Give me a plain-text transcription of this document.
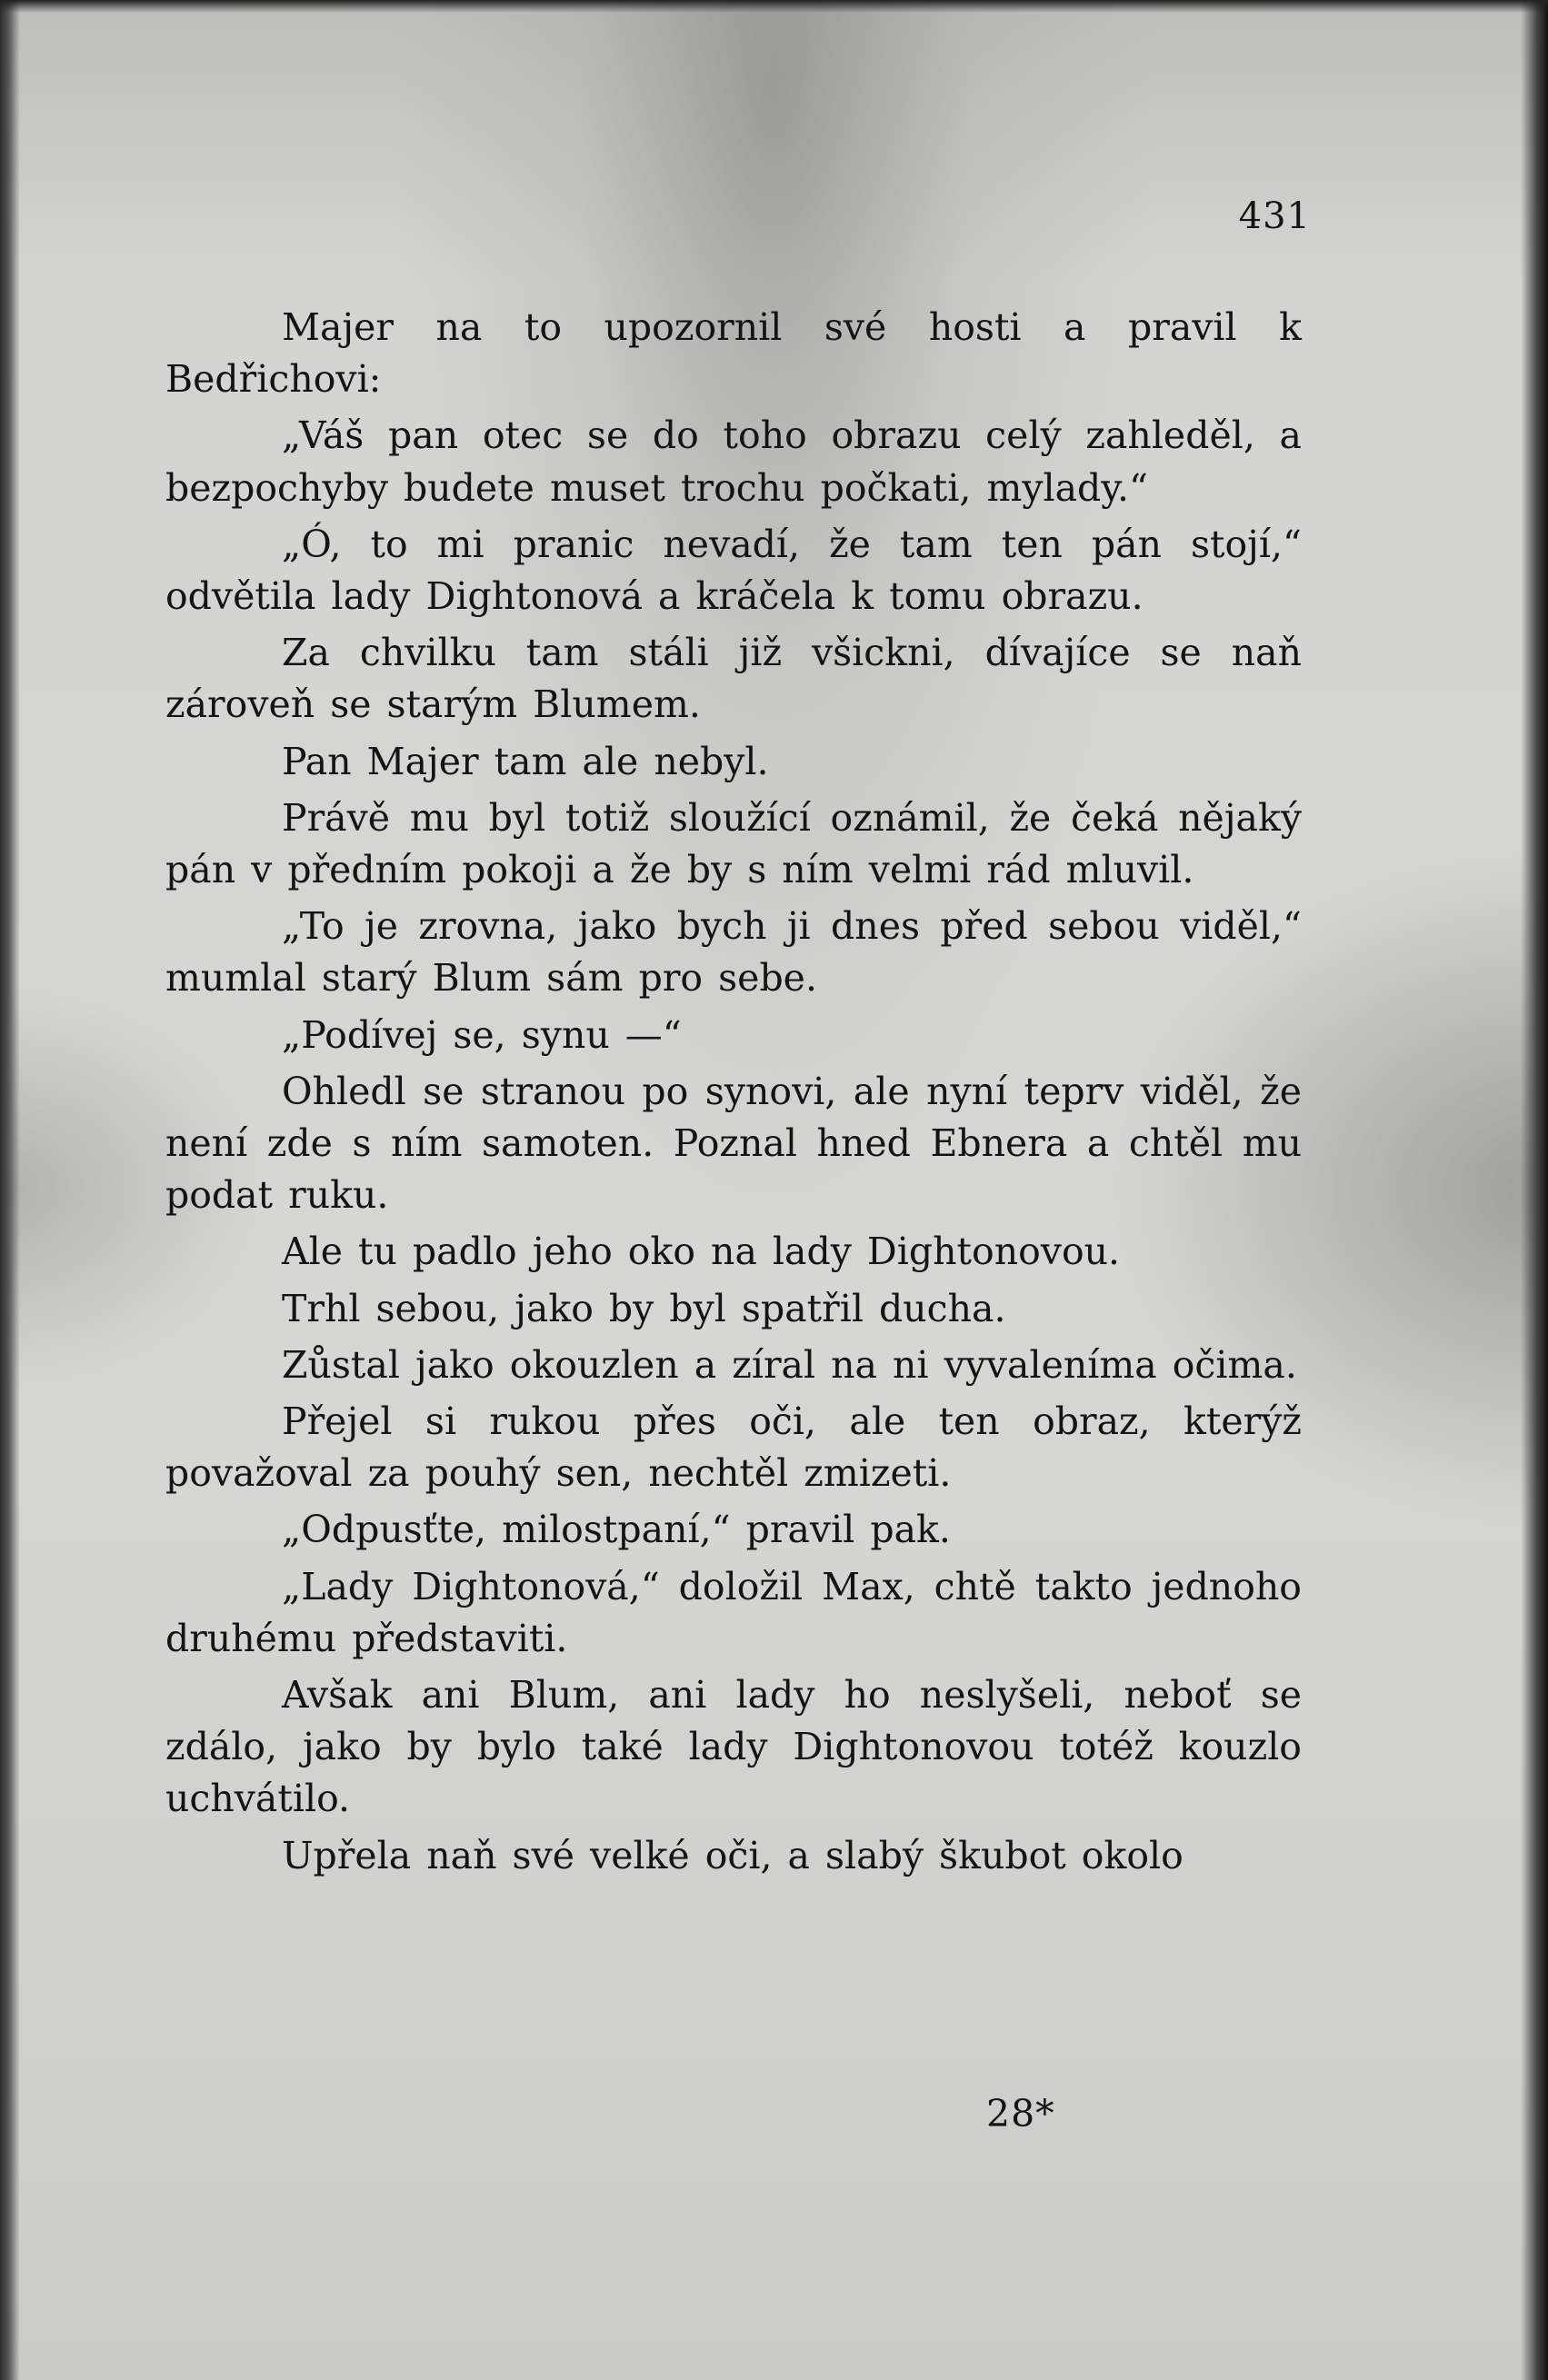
431

Majer na to upozornil své hosti a pravil k Bedřichovi:

„Váš pan otec se do toho obrazu celý zahleděl, a bezpochyby budete muset trochu počkati, mylady.“

„Ó, to mi pranic nevadí, že tam ten pán stojí,“ odvětila lady Dightonová a kráčela k tomu obrazu.

Za chvilku tam stáli již všickni, dívajíce se naň zároveň se starým Blumem.

Pan Majer tam ale nebyl.

Právě mu byl totiž sloužící oznámil, že čeká nějaký pán v předním pokoji a že by s ním velmi rád mluvil.

„To je zrovna, jako bych ji dnes před sebou viděl,“ mumlal starý Blum sám pro sebe.

„Podívej se, synu —“

Ohledl se stranou po synovi, ale nyní teprv viděl, že není zde s ním samoten. Poznal hned Ebnera a chtěl mu podat ruku.

Ale tu padlo jeho oko na lady Dightonovou.

Trhl sebou, jako by byl spatřil ducha.

Zůstal jako okouzlen a zíral na ni vyvaleníma očima.

Přejel si rukou přes oči, ale ten obraz, kterýž považoval za pouhý sen, nechtěl zmizeti.

„Odpusťte, milostpaní,“ pravil pak.

„Lady Dightonová,“ doložil Max, chtě takto jednoho druhému představiti.

Avšak ani Blum, ani lady ho neslyšeli, neboť se zdálo, jako by bylo také lady Dightonovou totéž kouzlo uchvátilo.

Upřela naň své velké oči, a slabý škubot okolo

28*
